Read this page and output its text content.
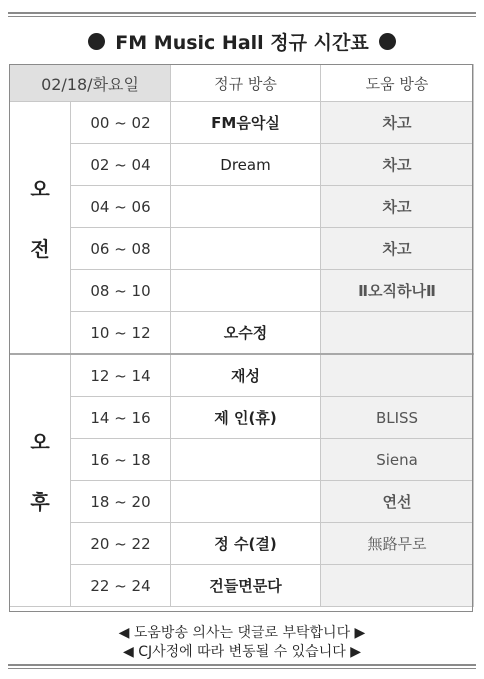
FM Music Hall 정규 시간표
02/18/화요일		정규 방송	도움 방송
오

전	00 ~ 02	FM음악실	차고
	02 ~ 04	Dream	차고
	04 ~ 06		차고
	06 ~ 08		차고
	08 ~ 10		Ⅱ오직하나Ⅱ
	10 ~ 12	오수정	
오

후	12 ~ 14	재성	
	14 ~ 16	제 인(휴)	BLISS
	16 ~ 18		Siena
	18 ~ 20		연선
	20 ~ 22	정 수(결)	無路무로
	22 ~ 24	건들면문다	
◀ 도움방송 의사는 댓글로 부탁합니다 ▶
◀ CJ사정에 따라 변동될 수 있습니다 ▶
